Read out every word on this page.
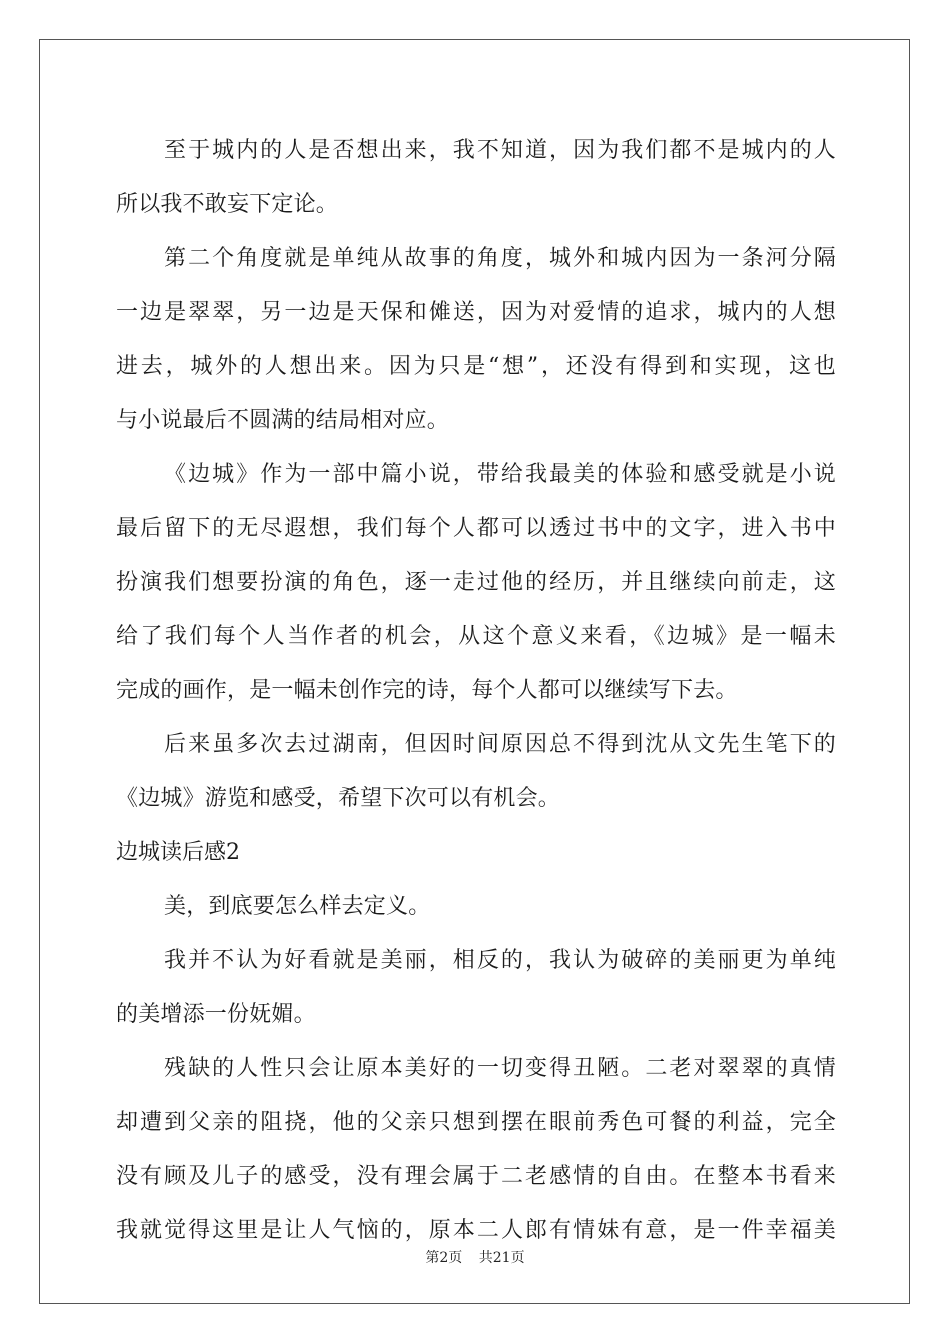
至于城内的人是否想出来，我不知道，因为我们都不是城内的人
所以我不敢妄下定论。
第二个角度就是单纯从故事的角度，城外和城内因为一条河分隔
一边是翠翠，另一边是天保和傩送，因为对爱情的追求，城内的人想
进去，城外的人想出来。因为只是“想”，还没有得到和实现，这也
与小说最后不圆满的结局相对应。
《边城》作为一部中篇小说，带给我最美的体验和感受就是小说
最后留下的无尽遐想，我们每个人都可以透过书中的文字，进入书中
扮演我们想要扮演的角色，逐一走过他的经历，并且继续向前走，这
给了我们每个人当作者的机会，从这个意义来看，《边城》是一幅未
完成的画作，是一幅未创作完的诗，每个人都可以继续写下去。
后来虽多次去过湖南，但因时间原因总不得到沈从文先生笔下的
《边城》游览和感受，希望下次可以有机会。
边城读后感2
美，到底要怎么样去定义。
我并不认为好看就是美丽，相反的，我认为破碎的美丽更为单纯
的美增添一份妩媚。
残缺的人性只会让原本美好的一切变得丑陋。二老对翠翠的真情
却遭到父亲的阻挠，他的父亲只想到摆在眼前秀色可餐的利益，完全
没有顾及儿子的感受，没有理会属于二老感情的自由。在整本书看来
我就觉得这里是让人气恼的，原本二人郎有情妹有意，是一件幸福美
第2页 共21页
